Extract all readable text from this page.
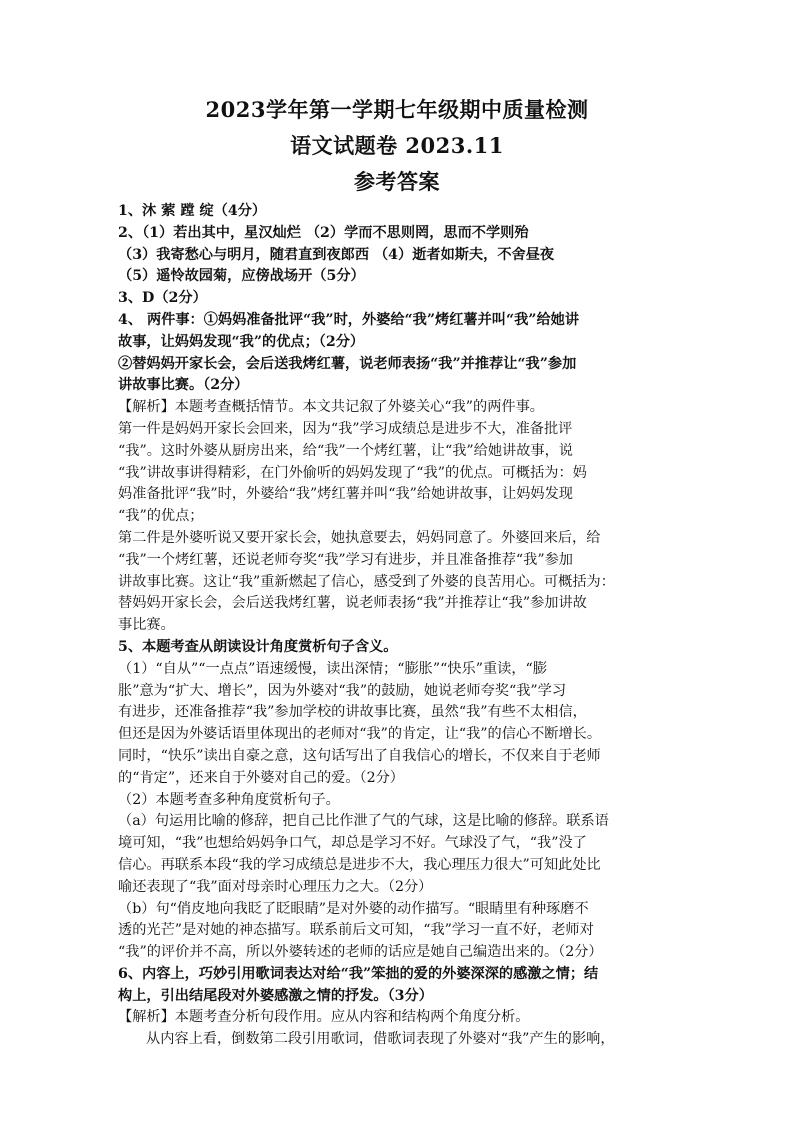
2023学年第一学期七年级期中质量检测
语文试题卷 2023.11
参考答案

1、沐 萦 蹚 绽（4分）

2、（1）若出其中，星汉灿烂 （2）学而不思则罔，思而不学则殆

（3）我寄愁心与明月，随君直到夜郎西 （4）逝者如斯夫，不舍昼夜

（5）遥怜故园菊，应傍战场开（5分）

3、D（2分）

4、 两件事：①妈妈准备批评“我”时，外婆给“我”烤红薯并叫“我”给她讲

故事，让妈妈发现“我”的优点；（2分）

②替妈妈开家长会，会后送我烤红薯，说老师表扬“我”并推荐让“我”参加

讲故事比赛。（2分）

【解析】本题考查概括情节。本文共记叙了外婆关心“我”的两件事。

第一件是妈妈开家长会回来，因为“我”学习成绩总是进步不大，准备批评

“我”。这时外婆从厨房出来，给“我”一个烤红薯，让“我”给她讲故事，说

“我”讲故事讲得精彩，在门外偷听的妈妈发现了“我”的优点。可概括为：妈

妈准备批评“我”时，外婆给“我”烤红薯并叫“我”给她讲故事，让妈妈发现

“我”的优点；

第二件是外婆听说又要开家长会，她执意要去，妈妈同意了。外婆回来后，给

“我”一个烤红薯，还说老师夸奖“我”学习有进步，并且准备推荐“我”参加

讲故事比赛。这让“我”重新燃起了信心，感受到了外婆的良苦用心。可概括为：

替妈妈开家长会，会后送我烤红薯，说老师表扬“我”并推荐让“我”参加讲故

事比赛。

5、本题考查从朗读设计角度赏析句子含义。

（1）“自从”“一点点”语速缓慢，读出深情；“膨胀”“快乐”重读，“膨

胀”意为“扩大、增长”，因为外婆对“我”的鼓励，她说老师夸奖“我”学习

有进步，还准备推荐“我”参加学校的讲故事比赛，虽然“我”有些不太相信，

但还是因为外婆话语里体现出的老师对“我”的肯定，让“我”的信心不断增长。

同时，“快乐”读出自豪之意，这句话写出了自我信心的增长，不仅来自于老师

的“肯定”，还来自于外婆对自己的爱。（2分）

（2）本题考查多种角度赏析句子。

（a）句运用比喻的修辞，把自己比作泄了气的气球，这是比喻的修辞。联系语

境可知，“我”也想给妈妈争口气，却总是学习不好。气球没了气，“我”没了

信心。再联系本段“我的学习成绩总是进步不大，我心理压力很大”可知此处比

喻还表现了“我”面对母亲时心理压力之大。（2分）

（b）句“俏皮地向我眨了眨眼睛”是对外婆的动作描写。“眼睛里有种琢磨不

透的光芒”是对她的神态描写。联系前后文可知，“我”学习一直不好，老师对

“我”的评价并不高，所以外婆转述的老师的话应是她自己编造出来的。（2分）

6、内容上，巧妙引用歌词表达对给“我”笨拙的爱的外婆深深的感激之情；结

构上，引出结尾段对外婆感激之情的抒发。（3分）

【解析】本题考查分析句段作用。应从内容和结构两个角度分析。

从内容上看，倒数第二段引用歌词，借歌词表现了外婆对“我”产生的影响，
